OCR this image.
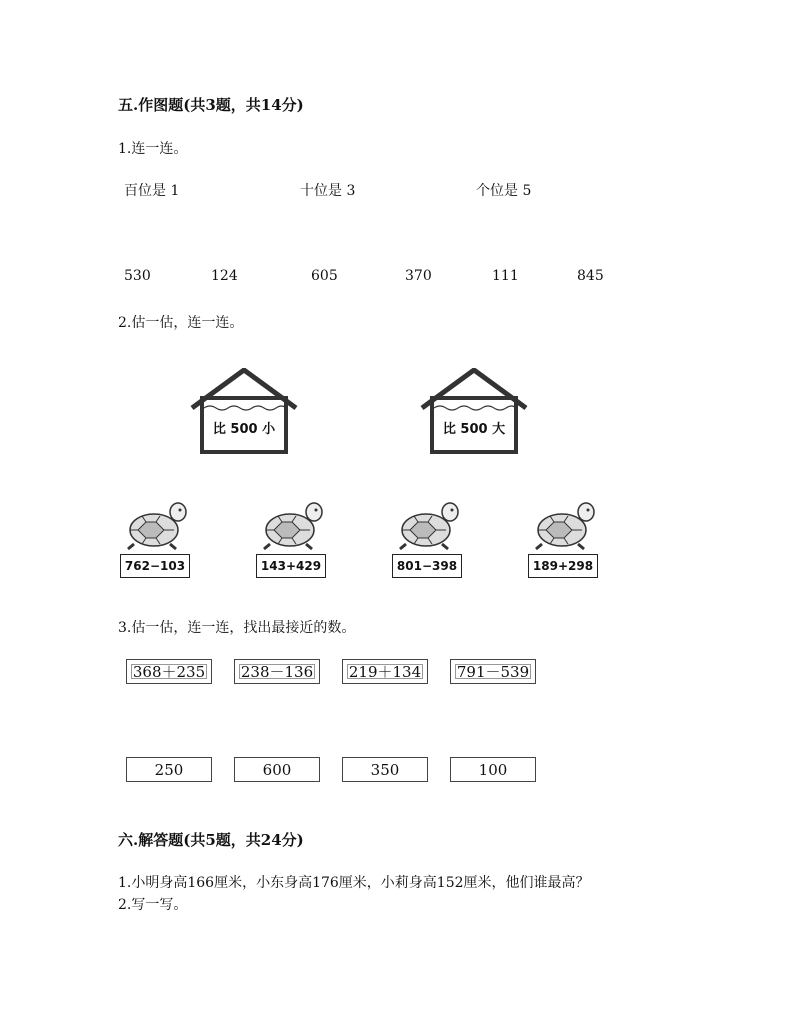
五.作图题(共3题，共14分)
1.连一连。
百位是 1	十位是 3	个位是 5
530	124	605	370	111	845
2.估一估，连一连。
比 500 小	比 500 大
762−103	143+429	801−398	189+298
3.估一估，连一连，找出最接近的数。
368＋235	238－136	219＋134	791－539
250	600	350	100
六.解答题(共5题，共24分)
1.小明身高166厘米，小东身高176厘米，小莉身高152厘米，他们谁最高？
2.写一写。
